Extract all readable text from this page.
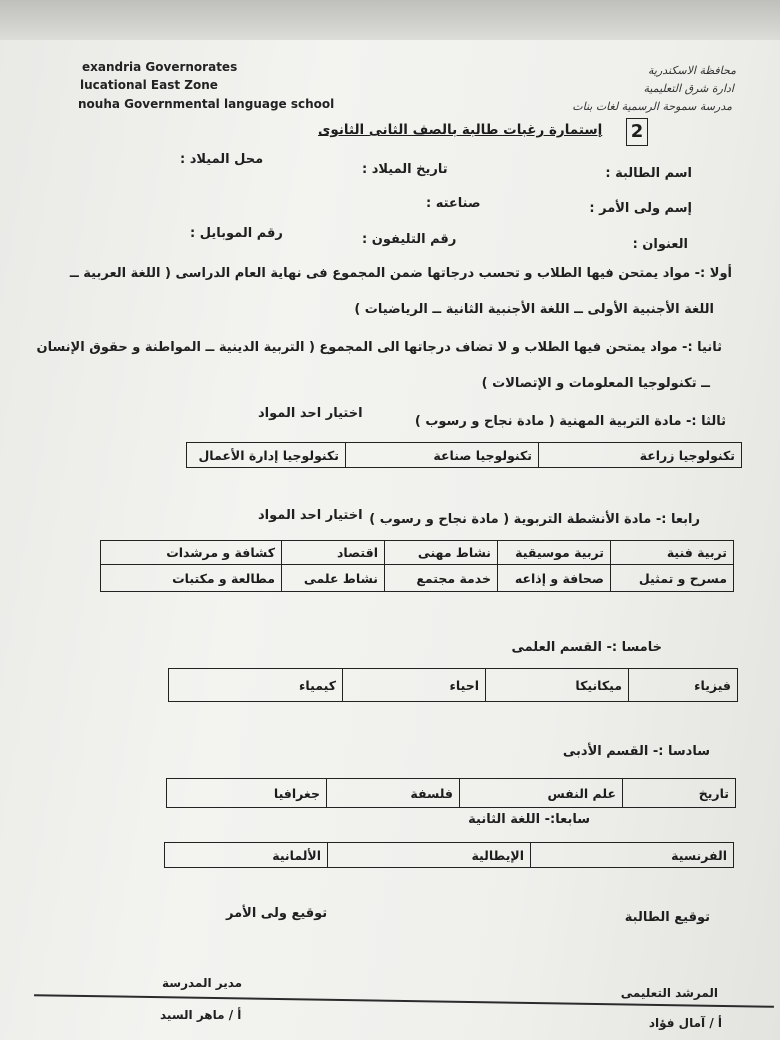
exandria Governorates
lucational East Zone
nouha Governmental language school
محافظة الاسكندرية
ادارة شرق التعليمية
مدرسة سموحة الرسمية لغات بنات
إستمارة رغبات طالبة بالصف الثانى الثانوى 2
اسم الطالبة :
تاريخ الميلاد :
محل الميلاد :
إسم ولى الأمر :
صناعته :
العنوان :
رقم التليفون :
رقم الموبايل :
أولا :- مواد يمتحن فيها الطلاب و تحسب درجاتها ضمن المجموع فى نهاية العام الدراسى ( اللغة العربية ــ
اللغة الأجنبية الأولى ــ اللغة الأجنبية الثانية ــ الرياضيات )
ثانيا :- مواد يمتحن فيها الطلاب و لا تضاف درجاتها الى المجموع ( التربية الدينية ــ المواطنة و حقوق الإنسان
ــ تكنولوجيا المعلومات و الإتصالات )
ثالثا :- مادة التربية المهنية ( مادة نجاح و رسوب )
اختيار احد المواد
تكنولوجيا زراعة	تكنولوجيا صناعة	تكنولوجيا إدارة الأعمال
رابعا :- مادة الأنشطة التربوية ( مادة نجاح و رسوب )
اختيار احد المواد
تربية فنية	تربية موسيقية	نشاط مهنى	اقتصاد	كشافة و مرشدات
مسرح و تمثيل	صحافة و إذاعه	خدمة مجتمع	نشاط علمى	مطالعة و مكتبات
خامسا :- القسم العلمى
فيزياء	ميكانيكا	احياء	كيمياء
سادسا :- القسم الأدبى
تاريخ	علم النفس	فلسفة	جغرافيا
سابعا:- اللغة الثانية
الفرنسية	الإيطالية	الألمانية
توقيع الطالبة
توقيع ولى الأمر
مدير المدرسة
المرشد التعليمى
أ / ماهر السيد
أ / آمال فؤاد
